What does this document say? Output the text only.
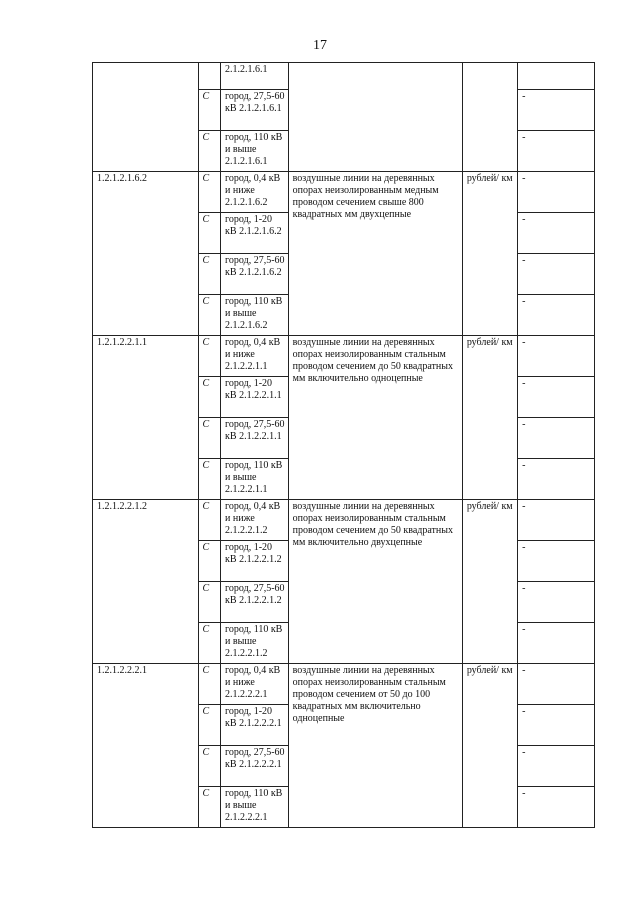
17
		2.1.2.1.6.1			
	С	город, 27,5-60 кВ 2.1.2.1.6.1			-
	С	город, 110 кВ и выше 2.1.2.1.6.1			-
1.2.1.2.1.6.2	С	город, 0,4 кВ и ниже 2.1.2.1.6.2	воздушные линии на деревянных опорах неизолированным медным проводом сечением свыше 800 квадратных мм двухцепные	рублей/ км	-
	С	город, 1-20 кВ 2.1.2.1.6.2			-
	С	город, 27,5-60 кВ 2.1.2.1.6.2			-
	С	город, 110 кВ и выше 2.1.2.1.6.2			-
1.2.1.2.2.1.1	С	город, 0,4 кВ и ниже 2.1.2.2.1.1	воздушные линии на деревянных опорах неизолированным стальным проводом сечением до 50 квадратных мм включительно одноцепные	рублей/ км	-
	С	город, 1-20 кВ 2.1.2.2.1.1			-
	С	город, 27,5-60 кВ 2.1.2.2.1.1			-
	С	город, 110 кВ и выше 2.1.2.2.1.1			-
1.2.1.2.2.1.2	С	город, 0,4 кВ и ниже 2.1.2.2.1.2	воздушные линии на деревянных опорах неизолированным стальным проводом сечением до 50 квадратных мм включительно двухцепные	рублей/ км	-
	С	город, 1-20 кВ 2.1.2.2.1.2			-
	С	город, 27,5-60 кВ 2.1.2.2.1.2			-
	С	город, 110 кВ и выше 2.1.2.2.1.2			-
1.2.1.2.2.2.1	С	город, 0,4 кВ и ниже 2.1.2.2.2.1	воздушные линии на деревянных опорах неизолированным стальным проводом сечением от 50 до 100 квадратных мм включительно одноцепные	рублей/ км	-
	С	город, 1-20 кВ 2.1.2.2.2.1			-
	С	город, 27,5-60 кВ 2.1.2.2.2.1			-
	С	город, 110 кВ и выше 2.1.2.2.2.1			-
